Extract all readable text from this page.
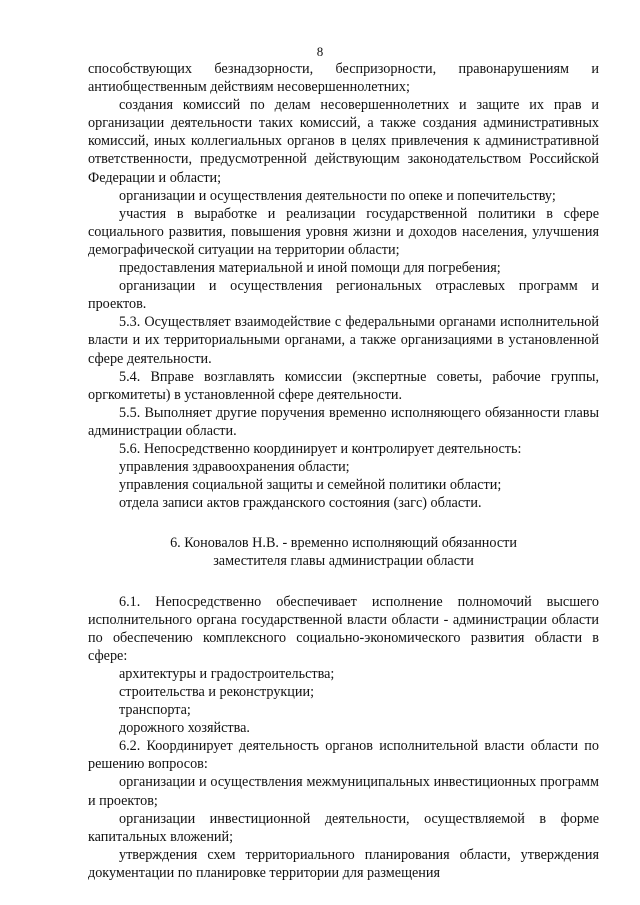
8

способствующих безнадзорности, беспризорности, правонарушениям и антиобщественным действиям несовершеннолетних;

создания комиссий по делам несовершеннолетних и защите их прав и организации деятельности таких комиссий, а также создания административных комиссий, иных коллегиальных органов в целях привлечения к административной ответственности, предусмотренной действующим законодательством Российской Федерации и области;

организации и осуществления деятельности по опеке и попечительству;

участия в выработке и реализации государственной политики в сфере социального развития, повышения уровня жизни и доходов населения, улучшения демографической ситуации на территории области;

предоставления материальной и иной помощи для погребения;

организации и осуществления региональных отраслевых программ и проектов.

5.3. Осуществляет взаимодействие с федеральными органами исполнительной власти и их территориальными органами, а также организациями в установленной сфере деятельности.

5.4. Вправе возглавлять комиссии (экспертные советы, рабочие группы, оргкомитеты) в установленной сфере деятельности.

5.5. Выполняет другие поручения временно исполняющего обязанности главы администрации области.

5.6. Непосредственно координирует и контролирует деятельность:

управления здравоохранения области;

управления социальной защиты и семейной политики области;

отдела записи актов гражданского состояния (загс) области.

6. Коновалов Н.В. - временно исполняющий обязанности

заместителя главы администрации области

6.1. Непосредственно обеспечивает исполнение полномочий высшего исполнительного органа государственной власти области - администрации области по обеспечению комплексного социально-экономического развития области в сфере:

архитектуры и градостроительства;

строительства и реконструкции;

транспорта;

дорожного хозяйства.

6.2. Координирует деятельность органов исполнительной власти области по решению вопросов:

организации и осуществления межмуниципальных инвестиционных программ и проектов;

организации инвестиционной деятельности, осуществляемой в форме капитальных вложений;

утверждения схем территориального планирования области, утверждения документации по планировке территории для размещения
